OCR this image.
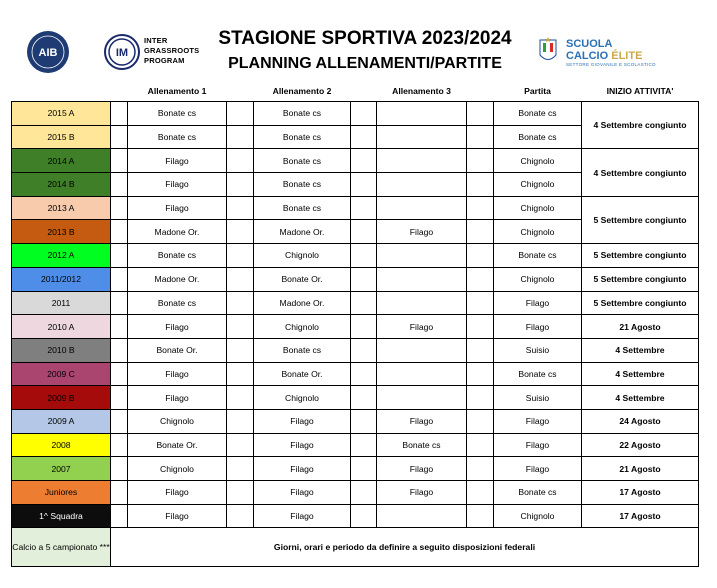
AIB	IM
INTER
GRASSROOTS
PROGRAM
STAGIONE SPORTIVA 2023/2024
PLANNING ALLENAMENTI/PARTITE
SCUOLA
CALCIO ÉLITE
SETTORE GIOVANILE E SCOLASTICO
		Allenamento 1		Allenamento 2		Allenamento 3		Partita	INIZIO ATTIVITA'
2015 A		Bonate cs		Bonate cs				Bonate cs	4 Settembre congiunto
2015 B		Bonate cs		Bonate cs				Bonate cs	
2014 A		Filago		Bonate cs				Chignolo	4 Settembre congiunto
2014 B		Filago		Bonate cs				Chignolo	
2013 A		Filago		Bonate cs				Chignolo	5 Settembre congiunto
2013 B		Madone Or.		Madone Or.		Filago		Chignolo	
2012 A		Bonate cs		Chignolo				Bonate cs	5 Settembre congiunto
2011/2012		Madone Or.		Bonate Or.				Chignolo	5 Settembre congiunto
2011		Bonate cs		Madone Or.				Filago	5 Settembre congiunto
2010 A		Filago		Chignolo		Filago		Filago	21 Agosto
2010 B		Bonate Or.		Bonate cs				Suisio	4 Settembre
2009 C		Filago		Bonate Or.				Bonate cs	4 Settembre
2009 B		Filago		Chignolo				Suisio	4 Settembre
2009 A		Chignolo		Filago		Filago		Filago	24 Agosto
2008		Bonate Or.		Filago		Bonate cs		Filago	22 Agosto
2007		Chignolo		Filago		Filago		Filago	21 Agosto
Juniores		Filago		Filago		Filago		Bonate cs	17 Agosto
1^ Squadra		Filago		Filago				Chignolo	17 Agosto
Calcio a 5 campionato ***	Giorni, orari e periodo da definire a seguito disposizioni federali								
